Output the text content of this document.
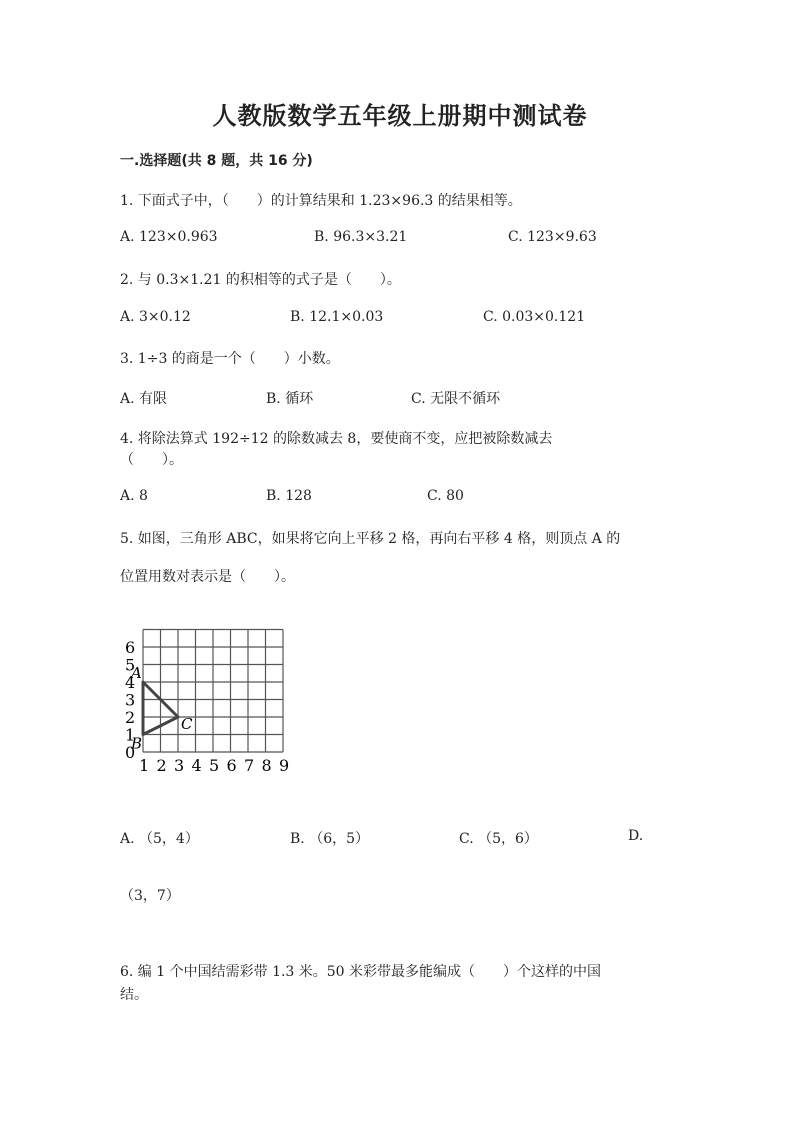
人教版数学五年级上册期中测试卷
一.选择题(共 8 题，共 16 分)
1. 下面式子中，（　　）的计算结果和 1.23×96.3 的结果相等。
A. 123×0.963	B. 96.3×3.21	C. 123×9.63
2. 与 0.3×1.21 的积相等的式子是（　　）。
A. 3×0.12	B. 12.1×0.03	C. 0.03×0.121
3. 1÷3 的商是一个（　　）小数。
A. 有限	B. 循环	C. 无限不循环
4. 将除法算式 192÷12 的除数减去 8，要使商不变，应把被除数减去
（　　）。
A. 8	B. 128	C. 80
5. 如图，三角形 ABC，如果将它向上平移 2 格，再向右平移 4 格，则顶点 A 的
位置用数对表示是（　　）。
0
1
2
3
4
5
6
1 2 3 4 5 6 7 8 9
A
B
C
A. （5，4）	B. （6，5）	C. （5，6）	D.
（3，7）
6. 编 1 个中国结需彩带 1.3 米。50 米彩带最多能编成（　　）个这样的中国
结。
